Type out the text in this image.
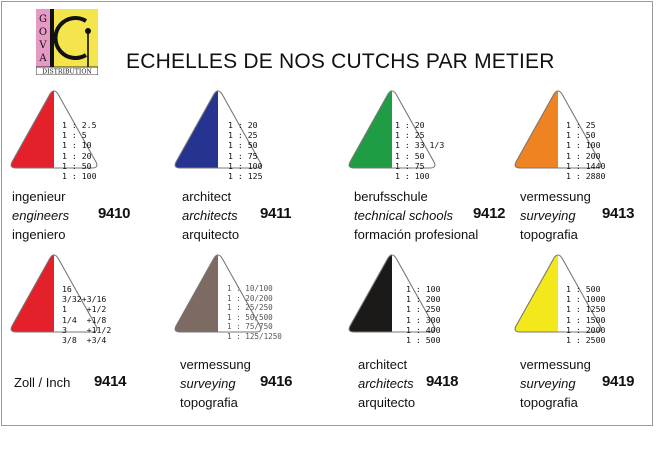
G
O
V
A
DISTRIBUTION ECHELLES DE NOS CUTCHS PAR METIER
1 : 2.5
1 : 5
1 : 10
1 : 20
1 : 50
1 : 100
ingenieur
engineers
ingeniero
9410
1 : 20
1 : 25
1 : 50
1 : 75
1 : 100
1 : 125
architect
architects
arquitecto
9411
1 : 20
1 : 25
1 : 33 1/3
1 : 50
1 : 75
1 : 100
berufsschule
technical schools
formación profesional
9412
1 : 25
1 : 50
1 : 100
1 : 200
1 : 1440
1 : 2880
vermessung
surveying
topografia
9413
16
3/32+3/16
1    +1/2
1/4  +1/8
3    +11/2
3/8  +3/4
Zoll / Inch 9414
1 : 10/100
1 : 20/200
1 : 25/250
1 : 50/500
1 : 75/750
1 : 125/1250
vermessung
surveying
topografia
9416
1 : 100
1 : 200
1 : 250
1 : 300
1 : 400
1 : 500
architect
architects
arquitecto
9418
1 : 500
1 : 1000
1 : 1250
1 : 1500
1 : 2000
1 : 2500
vermessung
surveying
topografia
9419
